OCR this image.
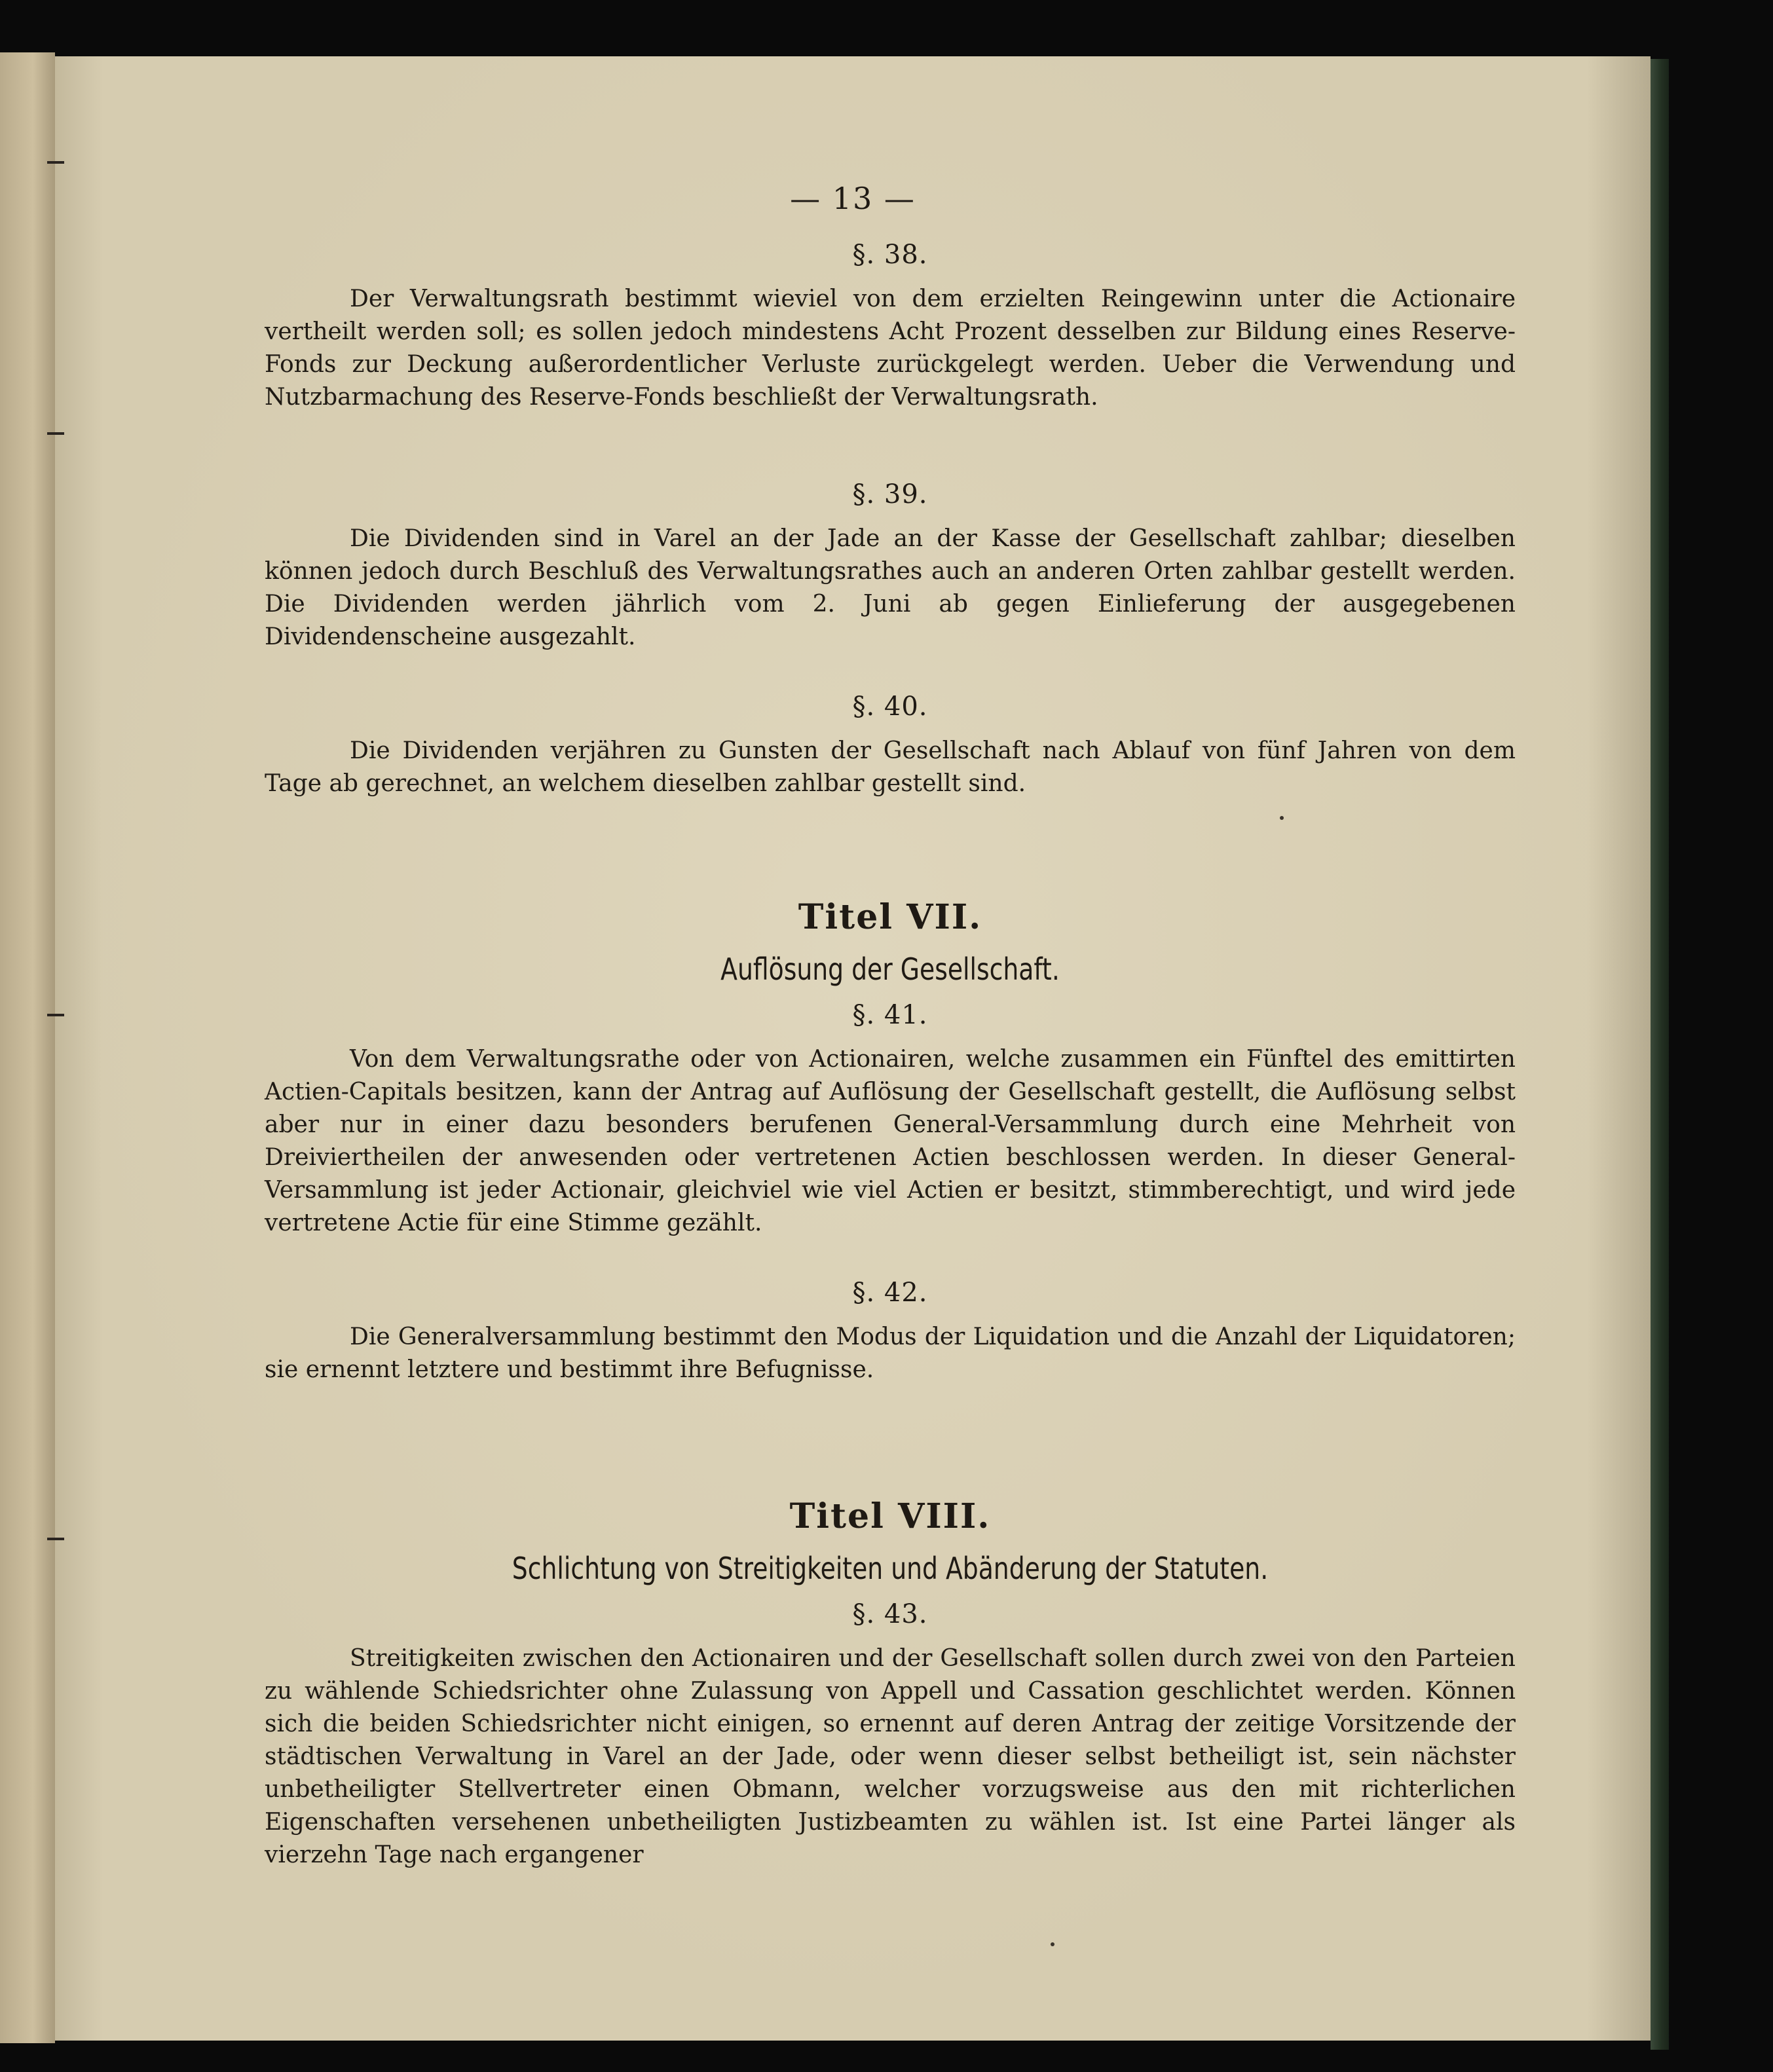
— 13 —
§. 38.

Der Verwaltungsrath bestimmt wieviel von dem erzielten Reingewinn unter die Actionaire vertheilt werden soll; es sollen jedoch mindestens Acht Prozent desselben zur Bildung eines Reserve-Fonds zur Deckung außerordentlicher Verluste zurückgelegt werden. Ueber die Verwendung und Nutzbarmachung des Reserve-Fonds beschließt der Verwaltungsrath.

§. 39.

Die Dividenden sind in Varel an der Jade an der Kasse der Gesellschaft zahlbar; dieselben können jedoch durch Beschluß des Verwaltungsrathes auch an anderen Orten zahlbar gestellt werden. Die Dividenden werden jährlich vom 2. Juni ab gegen Einlieferung der ausgegebenen Dividendenscheine ausgezahlt.

§. 40.

Die Dividenden verjähren zu Gunsten der Gesellschaft nach Ablauf von fünf Jahren von dem Tage ab gerechnet, an welchem dieselben zahlbar gestellt sind.

Titel VII.
Auflösung der Gesellschaft.
§. 41.

Von dem Verwaltungsrathe oder von Actionairen, welche zusammen ein Fünftel des emittirten Actien-Capitals besitzen, kann der Antrag auf Auflösung der Gesellschaft gestellt, die Auflösung selbst aber nur in einer dazu besonders berufenen General-Versammlung durch eine Mehrheit von Dreiviertheilen der anwesenden oder vertretenen Actien beschlossen werden. In dieser General-Versammlung ist jeder Actionair, gleichviel wie viel Actien er besitzt, stimmberechtigt, und wird jede vertretene Actie für eine Stimme gezählt.

§. 42.

Die Generalversammlung bestimmt den Modus der Liquidation und die Anzahl der Liquidatoren; sie ernennt letztere und bestimmt ihre Befugnisse.

Titel VIII.
Schlichtung von Streitigkeiten und Abänderung der Statuten.
§. 43.

Streitigkeiten zwischen den Actionairen und der Gesellschaft sollen durch zwei von den Parteien zu wählende Schiedsrichter ohne Zulassung von Appell und Cassation geschlichtet werden. Können sich die beiden Schiedsrichter nicht einigen, so ernennt auf deren Antrag der zeitige Vorsitzende der städtischen Verwaltung in Varel an der Jade, oder wenn dieser selbst betheiligt ist, sein nächster unbetheiligter Stellvertreter einen Obmann, welcher vorzugsweise aus den mit richterlichen Eigenschaften versehenen unbetheiligten Justizbeamten zu wählen ist. Ist eine Partei länger als vierzehn Tage nach ergangener
